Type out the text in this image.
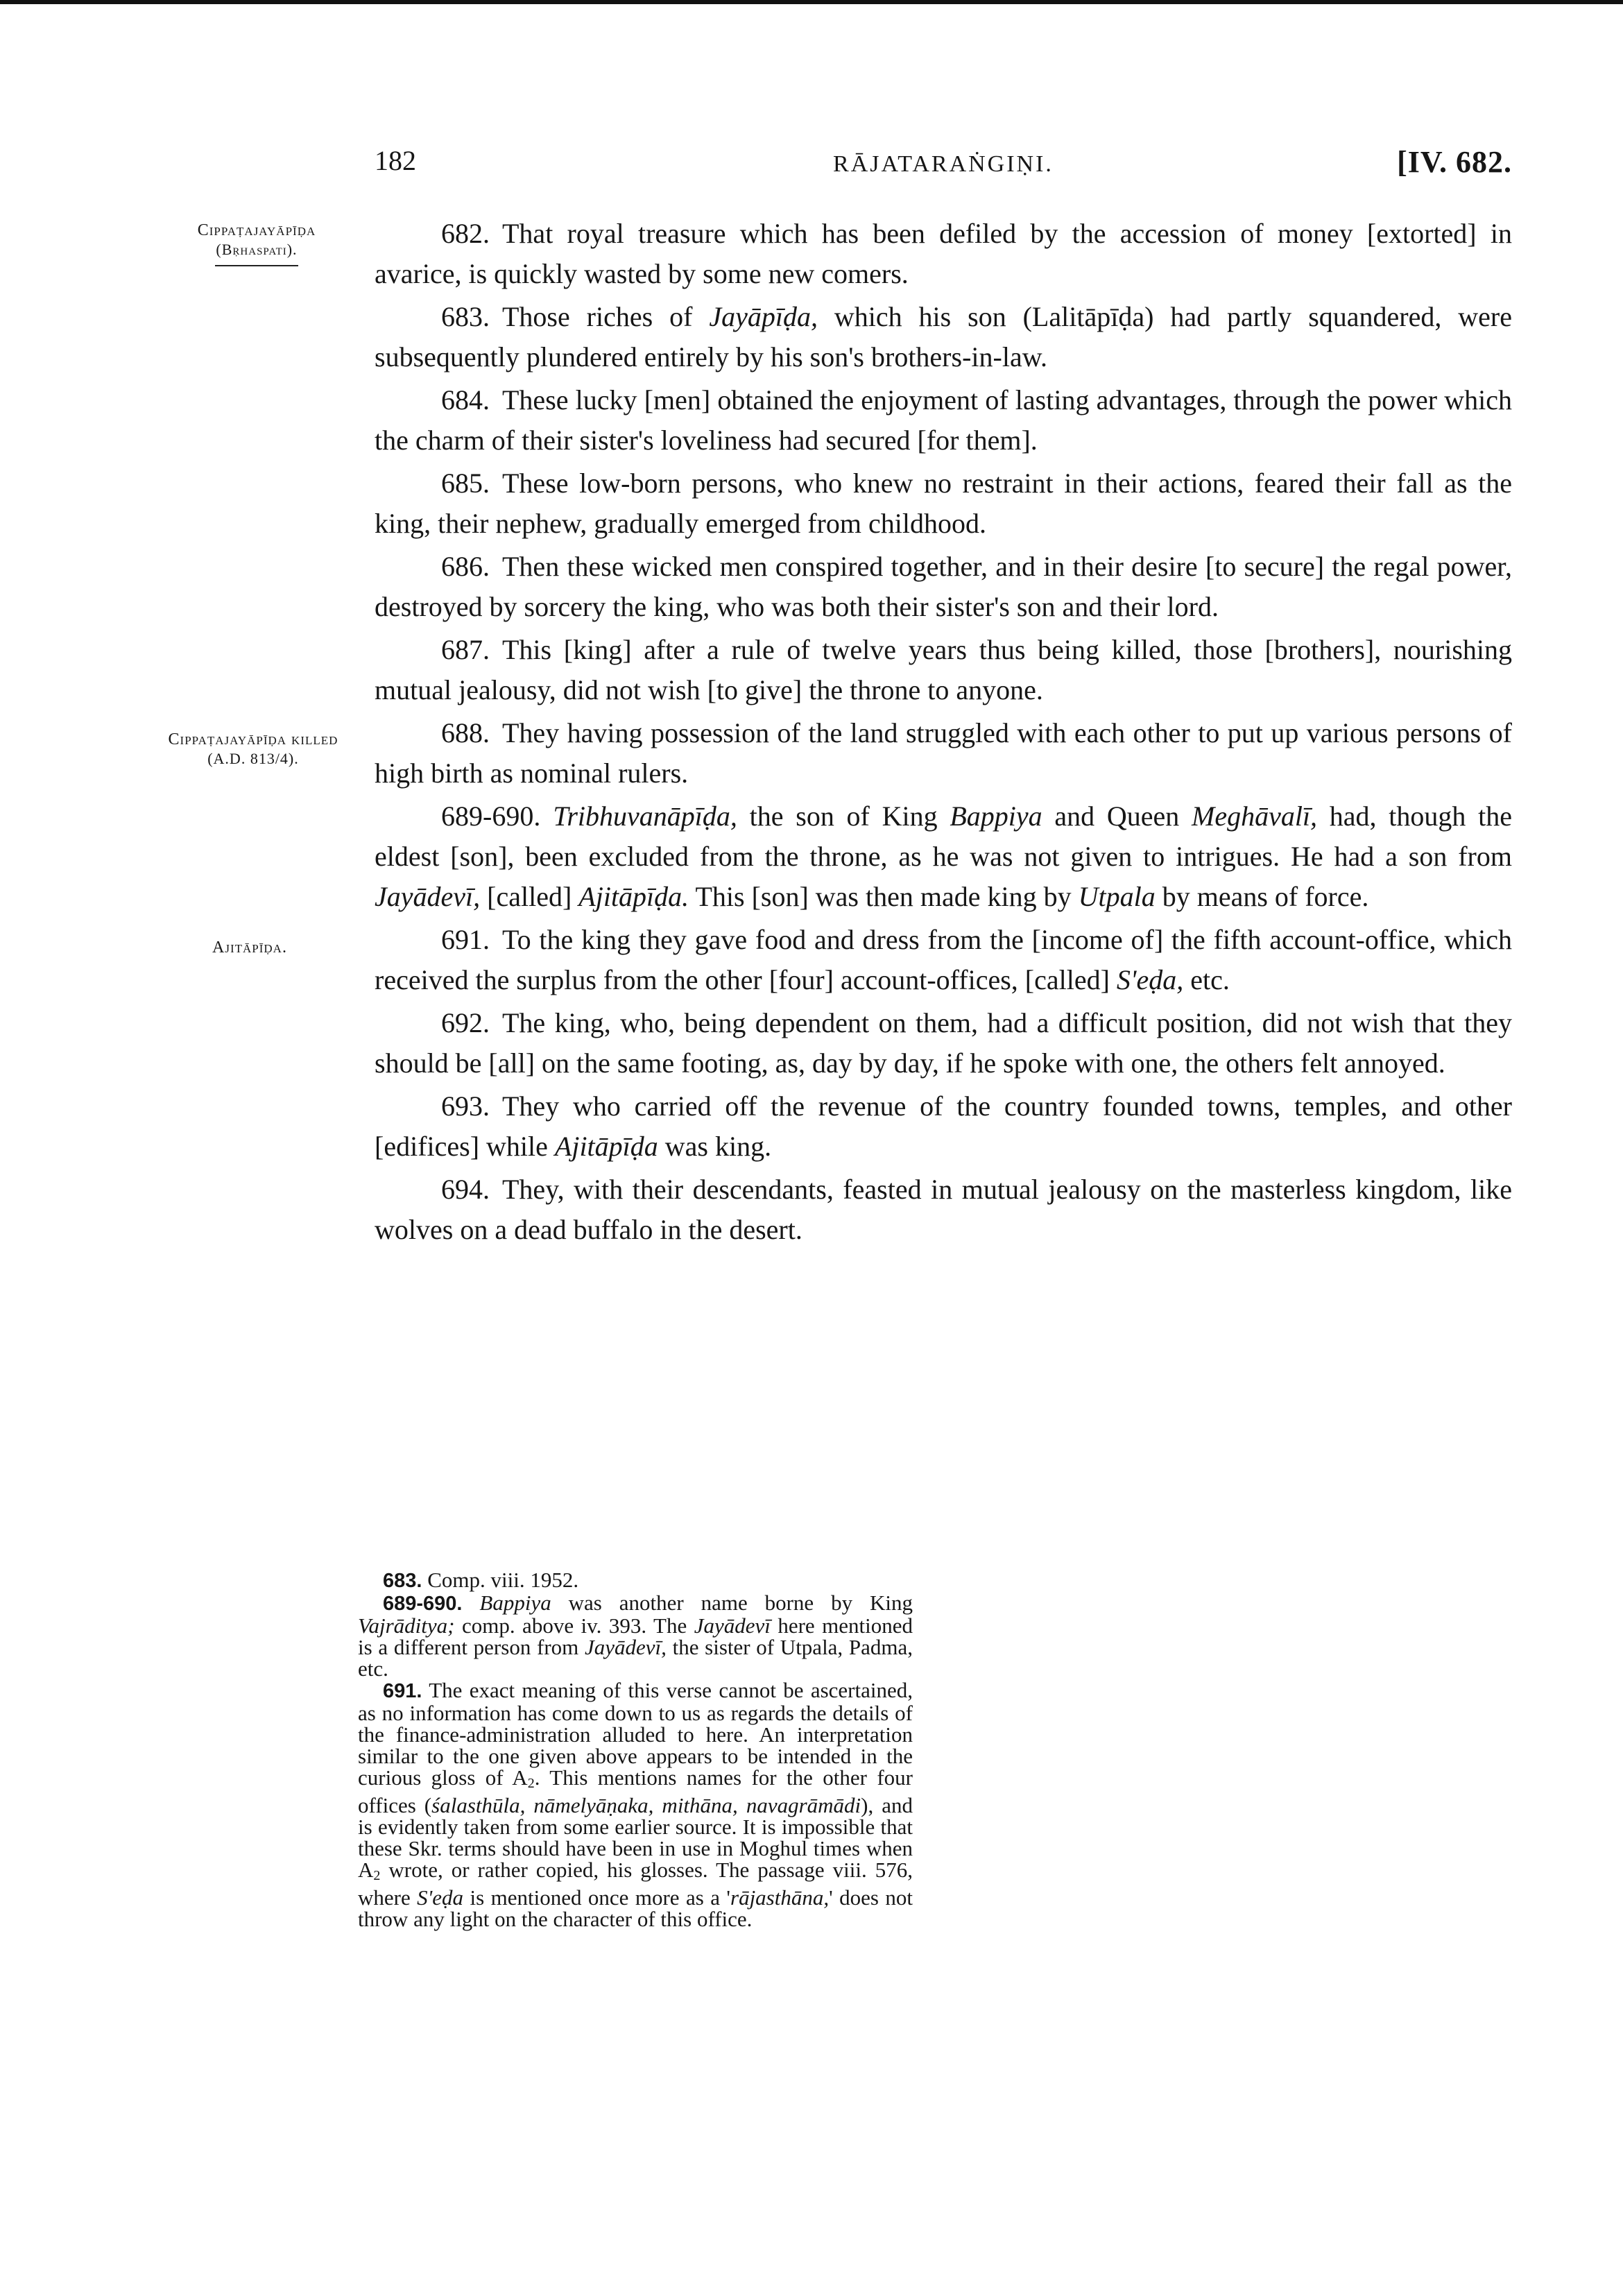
182	RĀJATARAṄGIṆI.	[IV. 682.
Cippaṭajayāpīḍa
(Bṛhaspati).
Cippaṭajayāpīḍa killed
(A.D. 813/4).
Ajitāpīḍa.

682. That royal treasure which has been defiled by the accession of money [extorted] in avarice, is quickly wasted by some new comers.

683. Those riches of Jayāpīḍa, which his son (Lalitāpīḍa) had partly squandered, were subsequently plundered entirely by his son's brothers-in-law.

684. These lucky [men] obtained the enjoyment of lasting advantages, through the power which the charm of their sister's loveliness had secured [for them].

685. These low-born persons, who knew no restraint in their actions, feared their fall as the king, their nephew, gradually emerged from childhood.

686. Then these wicked men conspired together, and in their desire [to secure] the regal power, destroyed by sorcery the king, who was both their sister's son and their lord.

687. This [king] after a rule of twelve years thus being killed, those [brothers], nourishing mutual jealousy, did not wish [to give] the throne to anyone.

688. They having possession of the land struggled with each other to put up various persons of high birth as nominal rulers.

689-690. Tribhuvanāpīḍa, the son of King Bappiya and Queen Meghāvalī, had, though the eldest [son], been excluded from the throne, as he was not given to intrigues. He had a son from Jayādevī, [called] Ajitāpīḍa. This [son] was then made king by Utpala by means of force.

691. To the king they gave food and dress from the [income of] the fifth account-office, which received the surplus from the other [four] account-offices, [called] S'eḍa, etc.

692. The king, who, being dependent on them, had a difficult position, did not wish that they should be [all] on the same footing, as, day by day, if he spoke with one, the others felt annoyed.

693. They who carried off the revenue of the country founded towns, temples, and other [edifices] while Ajitāpīḍa was king.

694. They, with their descendants, feasted in mutual jealousy on the masterless kingdom, like wolves on a dead buffalo in the desert.

683. Comp. viii. 1952.

689-690. Bappiya was another name borne by King Vajrāditya; comp. above iv. 393. The Jayādevī here mentioned is a different person from Jayādevī, the sister of Utpala, Padma, etc.

691. The exact meaning of this verse cannot be ascertained, as no information has come down to us as regards the details of the finance-administration alluded to here. An interpretation similar to the one given above appears to be intended in the curious gloss of $A_2$. This mentions names for the other four offices (śalasthūla, nāmelyāṇaka, mithāna, navagrāmādi), and is evidently taken from some earlier source. It is impossible that these Skr. terms should have been in use in Moghul times when $A_2$ wrote, or rather copied, his glosses. The passage viii. 576, where S'eḍa is mentioned once more as a 'rājasthāna,' does not throw any light on the character of this office.
